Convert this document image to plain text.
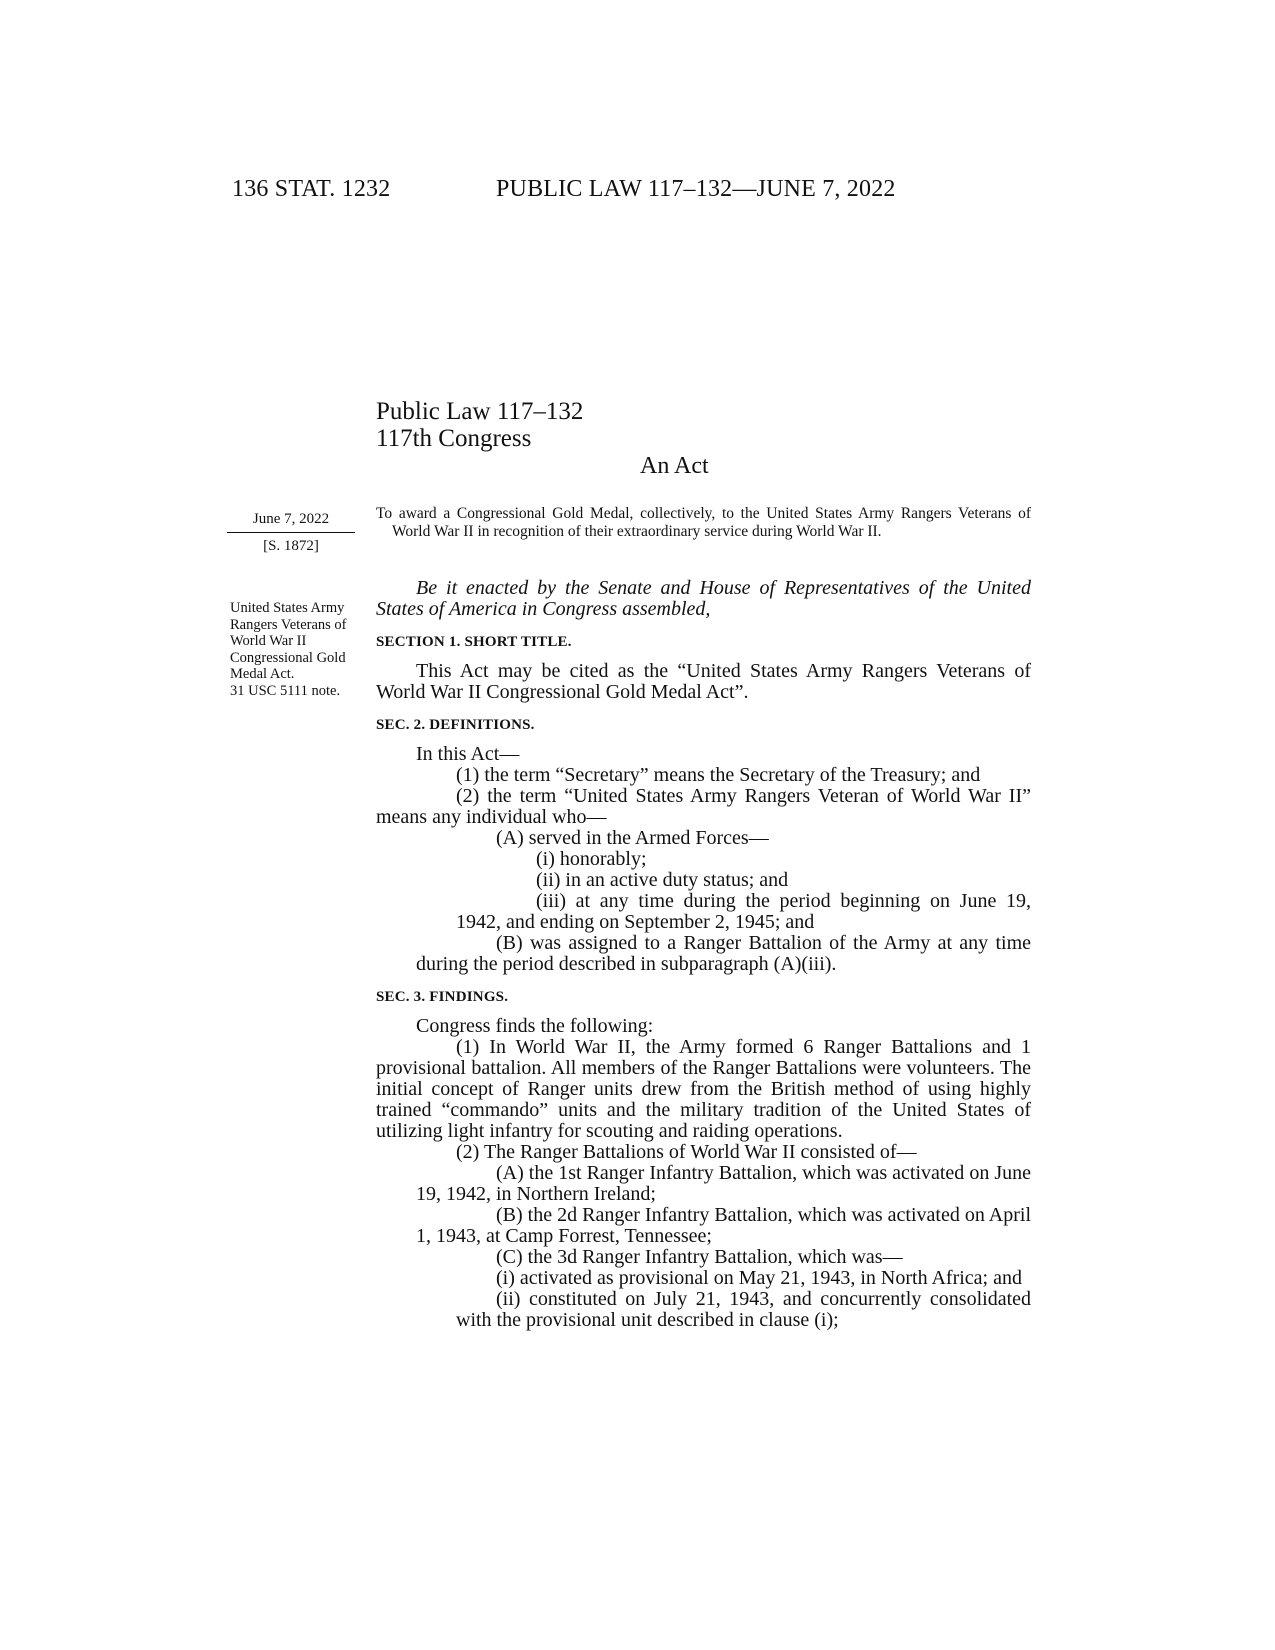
136 STAT. 1232	PUBLIC LAW 117–132—JUNE 7, 2022
Public Law 117–132
117th Congress
An Act
June 7, 2022
[S. 1872]
To award a Congressional Gold Medal, collectively, to the United States Army Rangers Veterans of World War II in recognition of their extraordinary service during World War II.
United States Army Rangers Veterans of World War II Congressional Gold Medal Act.
31 USC 5111 note.

Be it enacted by the Senate and House of Representatives of the United States of America in Congress assembled,

SECTION 1. SHORT TITLE.

This Act may be cited as the “United States Army Rangers Veterans of World War II Congressional Gold Medal Act”.

SEC. 2. DEFINITIONS.

In this Act—

(1) the term “Secretary” means the Secretary of the Treasury; and

(2) the term “United States Army Rangers Veteran of World War II” means any individual who—

(A) served in the Armed Forces—

(i) honorably;

(ii) in an active duty status; and

(iii) at any time during the period beginning on June 19, 1942, and ending on September 2, 1945; and

(B) was assigned to a Ranger Battalion of the Army at any time during the period described in subparagraph (A)(iii).

SEC. 3. FINDINGS.

Congress finds the following:

(1) In World War II, the Army formed 6 Ranger Battalions and 1 provisional battalion. All members of the Ranger Battalions were volunteers. The initial concept of Ranger units drew from the British method of using highly trained “commando” units and the military tradition of the United States of utilizing light infantry for scouting and raiding operations.

(2) The Ranger Battalions of World War II consisted of—

(A) the 1st Ranger Infantry Battalion, which was activated on June 19, 1942, in Northern Ireland;

(B) the 2d Ranger Infantry Battalion, which was activated on April 1, 1943, at Camp Forrest, Tennessee;

(C) the 3d Ranger Infantry Battalion, which was—

(i) activated as provisional on May 21, 1943, in North Africa; and

(ii) constituted on July 21, 1943, and concurrently consolidated with the provisional unit described in clause (i);
